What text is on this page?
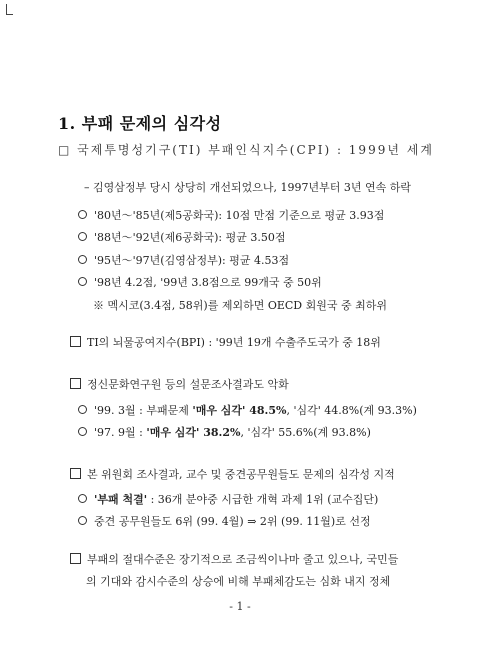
1. 부패 문제의 심각성
□ 국제투명성기구(TI) 부패인식지수(CPI) : 1999년 세계
– 김영삼정부 당시 상당히 개선되었으나, 1997년부터 3년 연속 하락
'80년～'85년(제5공화국): 10점 만점 기준으로 평균 3.93점
'88년～'92년(제6공화국): 평균 3.50점
'95년～'97년(김영삼정부): 평균 4.53점
'98년 4.2점, '99년 3.8점으로 99개국 중 50위
※ 멕시코(3.4점, 58위)를 제외하면 OECD 회원국 중 최하위
TI의 뇌물공여지수(BPI) : '99년 19개 수출주도국가 중 18위
정신문화연구원 등의 설문조사결과도 악화
'99. 3월 : 부패문제 '매우 심각' 48.5%, '심각' 44.8%(계 93.3%)
'97. 9월 : '매우 심각' 38.2%, '심각' 55.6%(계 93.8%)
본 위원회 조사결과, 교수 및 중견공무원들도 문제의 심각성 지적
'부패 척결' : 36개 분야중 시급한 개혁 과제 1위 (교수집단)
중견 공무원들도 6위 (99. 4월) ⇒ 2위 (99. 11월)로 선정
부패의 절대수준은 장기적으로 조금씩이나마 줄고 있으나, 국민들
의 기대와 감시수준의 상승에 비해 부패체감도는 심화 내지 정체
- 1 -
